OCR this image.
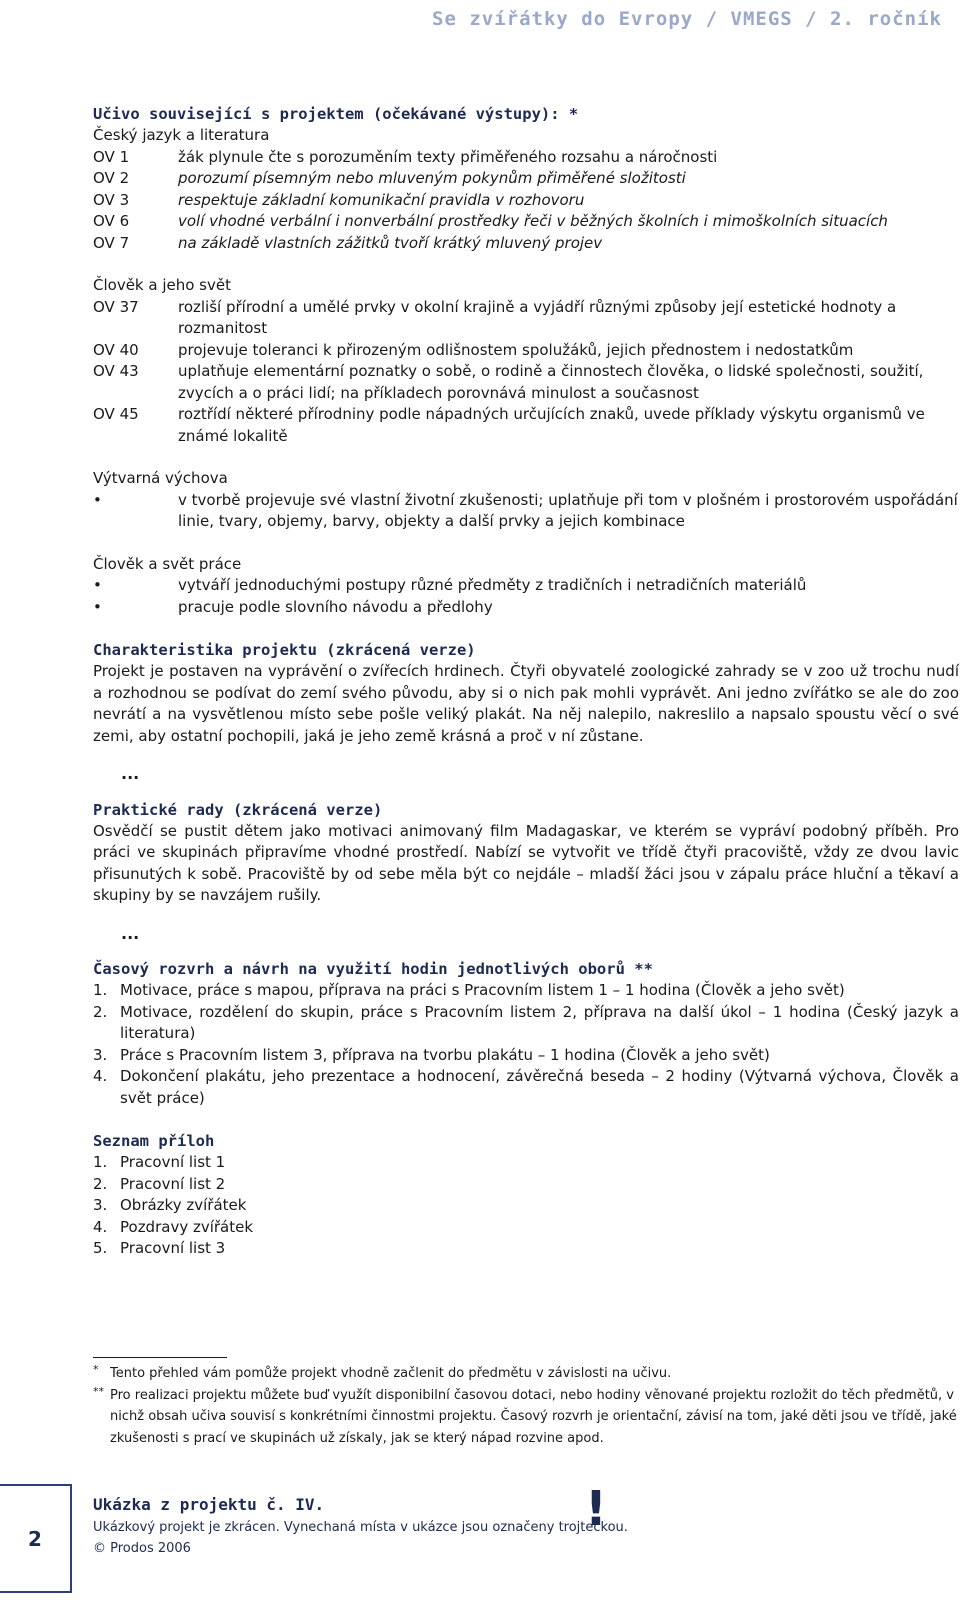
Se zvířátky do Evropy / VMEGS / 2. ročník
Učivo související s projektem (očekávané výstupy): *
Český jazyk a literatura
OV 1	žák plynule čte s porozuměním texty přiměřeného rozsahu a náročnosti
OV 2	porozumí písemným nebo mluveným pokynům přiměřené složitosti
OV 3	respektuje základní komunikační pravidla v rozhovoru
OV 6	volí vhodné verbální i nonverbální prostředky řeči v běžných školních i mimoškolních situacích
OV 7	na základě vlastních zážitků tvoří krátký mluvený projev
Člověk a jeho svět
OV 37	rozliší přírodní a umělé prvky v okolní krajině a vyjádří různými způsoby její estetické hodnoty a rozmanitost
OV 40	projevuje toleranci k přirozeným odlišnostem spolužáků, jejich přednostem i nedostatkům
OV 43	uplatňuje elementární poznatky o sobě, o rodině a činnostech člověka, o lidské společnosti, soužití, zvycích a o práci lidí; na příkladech porovnává minulost a současnost
OV 45	roztřídí některé přírodniny podle nápadných určujících znaků, uvede příklady výskytu organismů ve známé lokalitě
Výtvarná výchova
•	v tvorbě projevuje své vlastní životní zkušenosti; uplatňuje při tom v plošném i prostorovém uspořádání linie, tvary, objemy, barvy, objekty a další prvky a jejich kombinace
Člověk a svět práce
•	vytváří jednoduchými postupy různé předměty z tradičních i netradičních materiálů
•	pracuje podle slovního návodu a předlohy
Charakteristika projektu (zkrácená verze)

Projekt je postaven na vyprávění o zvířecích hrdinech. Čtyři obyvatelé zoologické zahrady se v zoo už trochu nudí a rozhodnou se podívat do zemí svého původu, aby si o nich pak mohli vyprávět. Ani jedno zvířátko se ale do zoo nevrátí a na vysvětlenou místo sebe pošle veliký plakát. Na něj nalepilo, nakreslilo a napsalo spoustu věcí o své zemi, aby ostatní pochopili, jaká je jeho země krásná a proč v ní zůstane.

...
Praktické rady (zkrácená verze)

Osvědčí se pustit dětem jako motivaci animovaný film Madagaskar, ve kterém se vypráví podobný příběh. Pro práci ve skupinách připravíme vhodné prostředí. Nabízí se vytvořit ve třídě čtyři pracoviště, vždy ze dvou lavic přisunutých k sobě. Pracoviště by od sebe měla být co nejdále – mladší žáci jsou v zápalu práce hluční a těkaví a skupiny by se navzájem rušily.

...
Časový rozvrh a návrh na využití hodin jednotlivých oborů **
1. Motivace, práce s mapou, příprava na práci s Pracovním listem 1 – 1 hodina (Člověk a jeho svět)
2. Motivace, rozdělení do skupin, práce s Pracovním listem 2, příprava na další úkol – 1 hodina (Český jazyk a literatura)
3. Práce s Pracovním listem 3, příprava na tvorbu plakátu – 1 hodina (Člověk a jeho svět)
4. Dokončení plakátu, jeho prezentace a hodnocení, závěrečná beseda – 2 hodiny (Výtvarná výchova, Člověk a svět práce)
Seznam příloh
1. Pracovní list 1
2. Pracovní list 2
3. Obrázky zvířátek
4. Pozdravy zvířátek
5. Pracovní list 3
* Tento přehled vám pomůže projekt vhodně začlenit do předmětu v závislosti na učivu.
** Pro realizaci projektu můžete buď využít disponibilní časovou dotaci, nebo hodiny věnované projektu rozložit do těch předmětů, v nichž obsah učiva souvisí s konkrétními činnostmi projektu. Časový rozvrh je orientační, závisí na tom, jaké děti jsou ve třídě, jaké zkušenosti s prací ve skupinách už získaly, jak se který nápad rozvine apod.
2
Ukázka z projektu č. IV.
Ukázkový projekt je zkrácen. Vynechaná místa v ukázce jsou označeny trojtečkou.
© Prodos 2006
!
